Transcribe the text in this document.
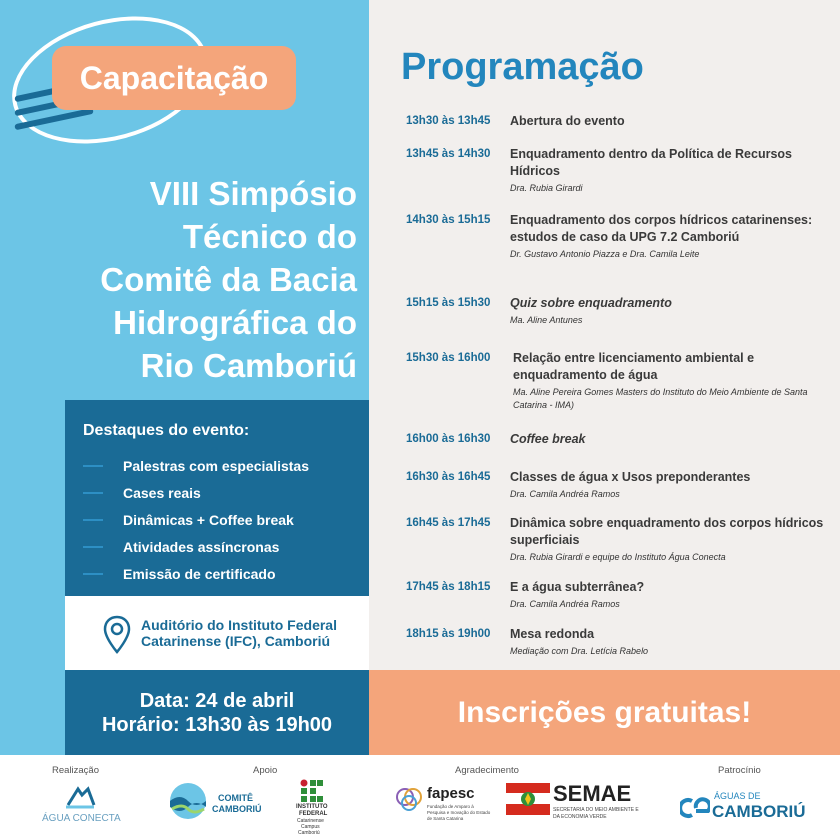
Capacitação
VIII Simpósio
Técnico do
Comitê da Bacia
Hidrográfica do
Rio Camboriú
Destaques do evento:
Palestras com especialistas
Cases reais
Dinâmicas + Coffee break
Atividades assíncronas
Emissão de certificado
Auditório do Instituto Federal Catarinense (IFC), Camboriú
Data: 24 de abril
Horário: 13h30 às 19h00
Programação
13h30 às 13h45 Abertura do evento
13h45 às 14h30 Enquadramento dentro da Política de Recursos Hídricos
Dra. Rubia Girardi
14h30 às 15h15 Enquadramento dos corpos hídricos catarinenses: estudos de caso da UPG 7.2 Camboriú
Dr. Gustavo Antonio Piazza e Dra. Camila Leite
15h15 às 15h30 Quiz sobre enquadramento
Ma. Aline Antunes
15h30 às 16h00 Relação entre licenciamento ambiental e enquadramento de água
Ma. Aline Pereira Gomes Masters do Instituto do Meio Ambiente de Santa Catarina - IMA)
16h00 às 16h30 Coffee break
16h30 às 16h45 Classes de água x Usos preponderantes
Dra. Camila Andréa Ramos
16h45 às 17h45 Dinâmica sobre enquadramento dos corpos hídricos superficiais
Dra. Rubia Girardi e equipe do Instituto Água Conecta
17h45 às 18h15 E a água subterrânea?
Dra. Camila Andréa Ramos
18h15 às 19h00 Mesa redonda
Mediação com Dra. Letícia Rabelo
Inscrições gratuitas!
Realização	Apoio	Agradecimento	Patrocínio
ÁGUA CONECTA
COMITÊ
CAMBORIÚ	INSTITUTO
FEDERAL
Catarinense
Campus
Camboriú
fapesc
Fundação de Amparo à Pesquisa e Inovação do Estado de Santa Catarina
SEMAE
SECRETARIA DO MEIO AMBIENTE E DA ECONOMIA VERDE
ÁGUAS DE
CAMBORIÚ
